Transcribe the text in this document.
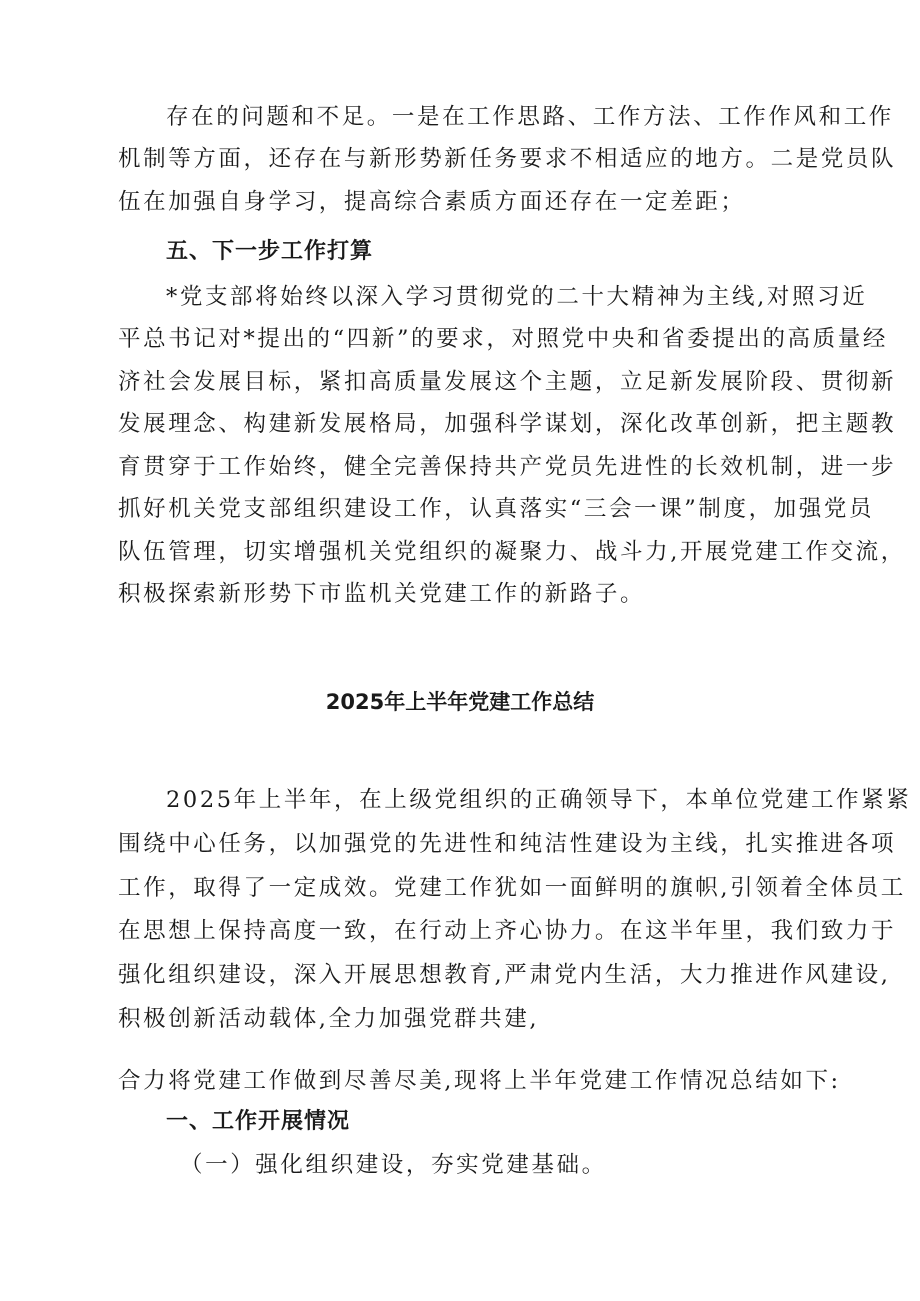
存在的问题和不足。一是在工作思路、工作方法、工作作风和工作
机制等方面，还存在与新形势新任务要求不相适应的地方。二是党员队
伍在加强自身学习，提高综合素质方面还存在一定差距；
五、下一步工作打算
*党支部将始终以深入学习贯彻党的二十大精神为主线,对照习近
平总书记对*提出的“四新”的要求，对照党中央和省委提出的高质量经
济社会发展目标，紧扣高质量发展这个主题，立足新发展阶段、贯彻新
发展理念、构建新发展格局，加强科学谋划，深化改革创新，把主题教
育贯穿于工作始终，健全完善保持共产党员先进性的长效机制，进一步
抓好机关党支部组织建设工作，认真落实“三会一课”制度，加强党员
队伍管理，切实增强机关党组织的凝聚力、战斗力,开展党建工作交流，
积极探索新形势下市监机关党建工作的新路子。
2025年上半年党建工作总结
2025年上半年，在上级党组织的正确领导下，本单位党建工作紧紧
围绕中心任务，以加强党的先进性和纯洁性建设为主线，扎实推进各项
工作，取得了一定成效。党建工作犹如一面鲜明的旗帜,引领着全体员工
在思想上保持高度一致，在行动上齐心协力。在这半年里，我们致力于
强化组织建设，深入开展思想教育,严肃党内生活，大力推进作风建设,
积极创新活动载体,全力加强党群共建,
合力将党建工作做到尽善尽美,现将上半年党建工作情况总结如下:
一、工作开展情况
（一）强化组织建设，夯实党建基础。
